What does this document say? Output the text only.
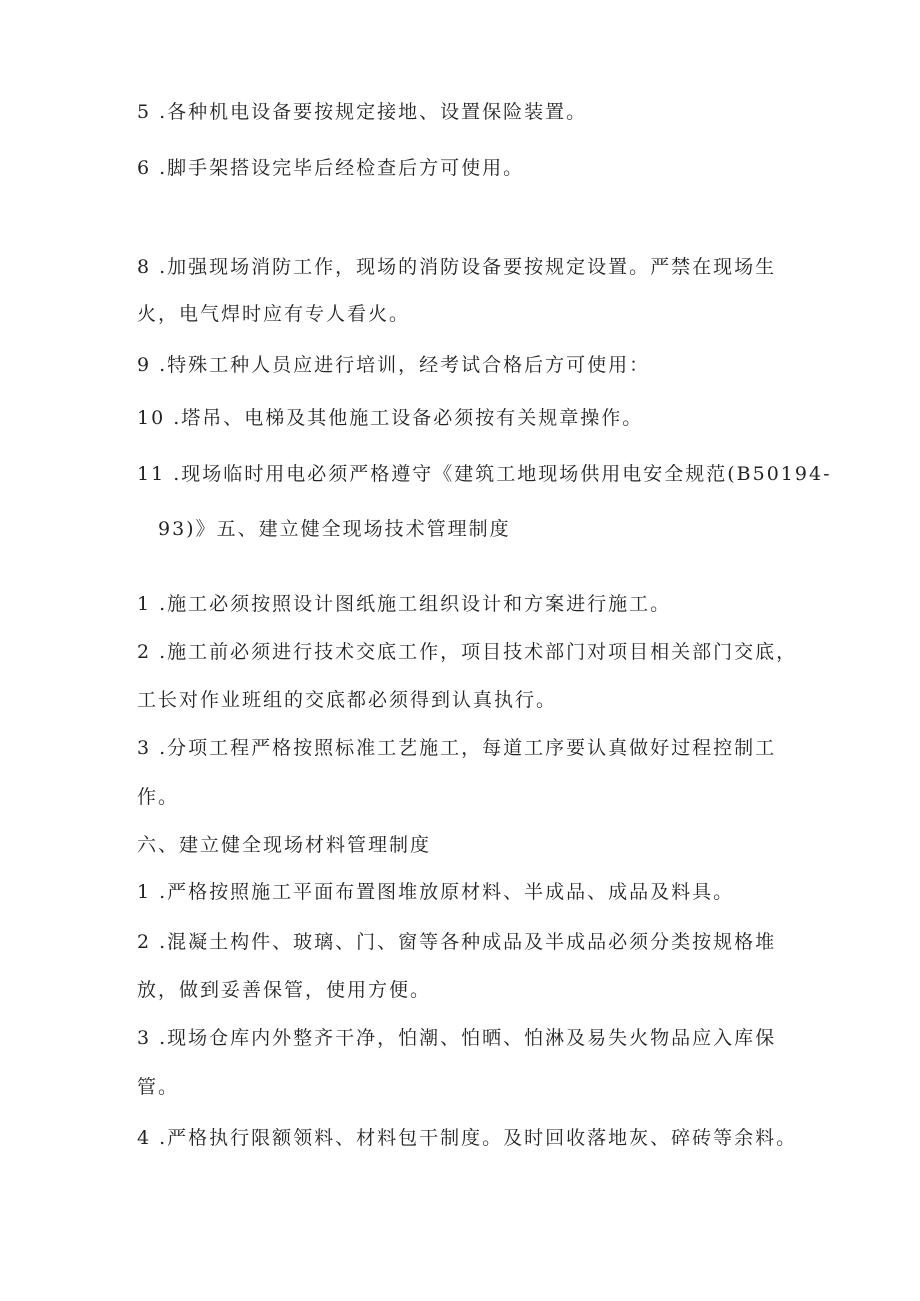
5 .各种机电设备要按规定接地、设置保险装置。
6 .脚手架搭设完毕后经检查后方可使用。
8 .加强现场消防工作，现场的消防设备要按规定设置。严禁在现场生
火，电气焊时应有专人看火。
9 .特殊工种人员应进行培训，经考试合格后方可使用：
10 .塔吊、电梯及其他施工设备必须按有关规章操作。
11 .现场临时用电必须严格遵守《建筑工地现场供用电安全规范(B50194-
93)》五、建立健全现场技术管理制度
1 .施工必须按照设计图纸施工组织设计和方案进行施工。
2 .施工前必须进行技术交底工作，项目技术部门对项目相关部门交底，
工长对作业班组的交底都必须得到认真执行。
3 .分项工程严格按照标准工艺施工，每道工序要认真做好过程控制工
作。
六、建立健全现场材料管理制度
1 .严格按照施工平面布置图堆放原材料、半成品、成品及料具。
2 .混凝土构件、玻璃、门、窗等各种成品及半成品必须分类按规格堆
放，做到妥善保管，使用方便。
3 .现场仓库内外整齐干净，怕潮、怕晒、怕淋及易失火物品应入库保
管。
4 .严格执行限额领料、材料包干制度。及时回收落地灰、碎砖等余料。
